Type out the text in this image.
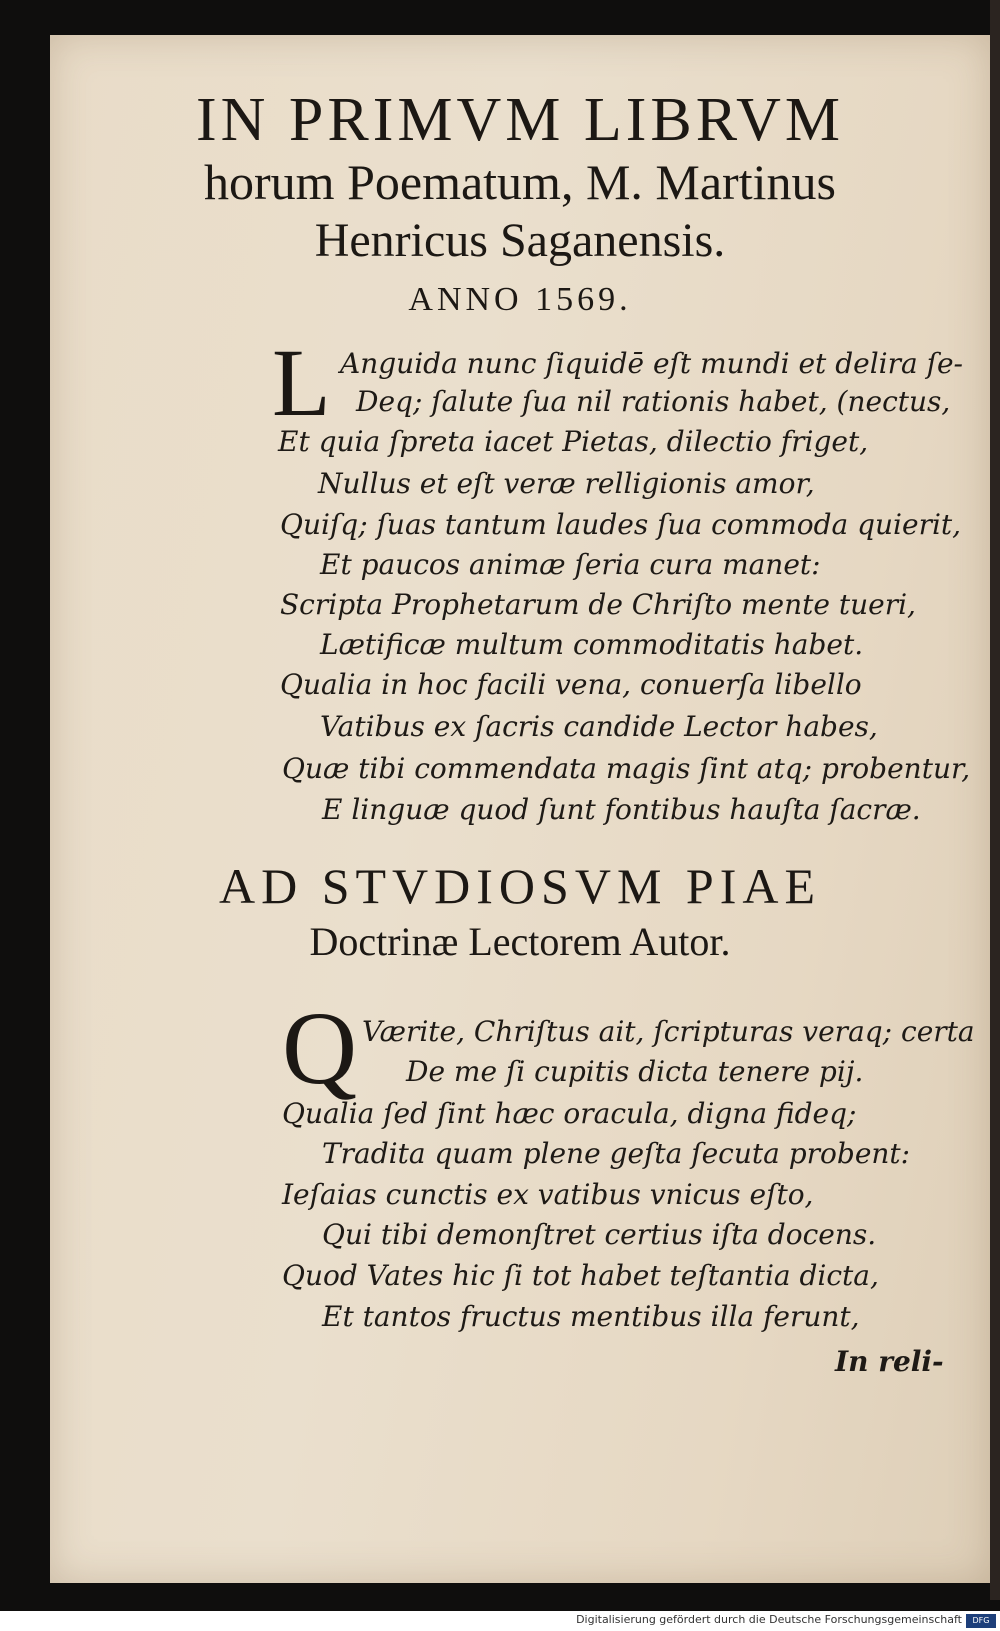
IN PRIMVM LIBRVM
horum Poematum, M. Martinus
Henricus Saganensis.
ANNO 1569.
L Anguida nunc ſiquidē eſt mundi et delira ſe-
Deq; ſalute ſua nil rationis habet, (nectus,
Et quia ſpreta iacet Pietas, dilectio friget,
Nullus et eſt veræ relligionis amor,
Quiſq; ſuas tantum laudes ſua commoda quierit,
Et paucos animæ ſeria cura manet:
Scripta Prophetarum de Chriſto mente tueri,
Lætificæ multum commoditatis habet.
Qualia in hoc facili vena, conuerſa libello
Vatibus ex ſacris candide Lector habes,
Quæ tibi commendata magis ſint atq; probentur,
E linguæ quod ſunt fontibus hauſta ſacræ.
AD STVDIOSVM PIAE
Doctrinæ Lectorem Autor.
Q Værite, Chriſtus ait, ſcripturas veraq; certa
De me ſi cupitis dicta tenere pij.
Qualia ſed ſint hæc oracula, digna fideq;
Tradita quam plene geſta ſecuta probent:
Ieſaias cunctis ex vatibus vnicus eſto,
Qui tibi demonſtret certius iſta docens.
Quod Vates hic ſi tot habet teſtantia dicta,
Et tantos fructus mentibus illa ferunt,
In reli-
Digitalisierung gefördert durch die Deutsche Forschungsgemeinschaft	DFG
